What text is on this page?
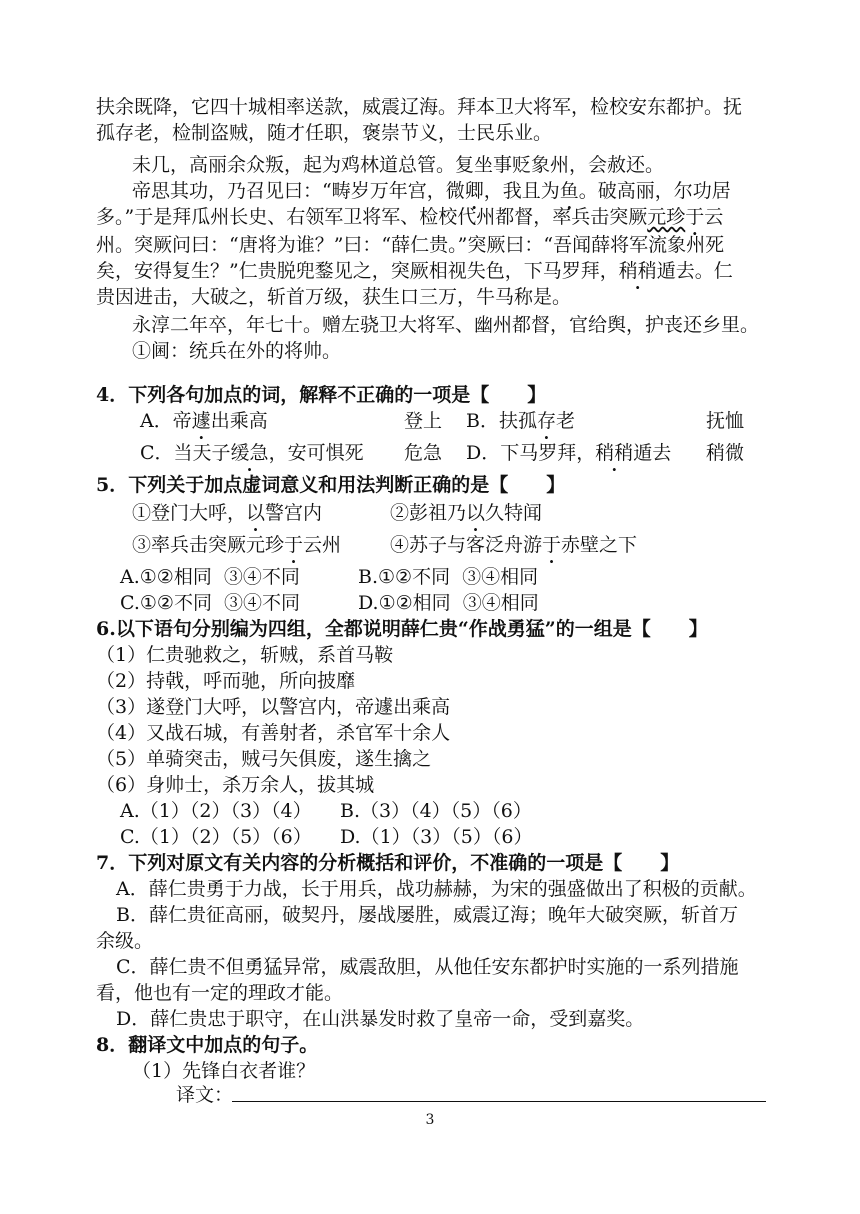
扶余既降，它四十城相率送款，威震辽海。拜本卫大将军，检校安东都护。抚
孤存老，检制盗贼，随才任职，褒崇节义，士民乐业。
未几，高丽余众叛，起为鸡林道总管。复坐事贬象州，会赦还。
帝思其功，乃召见曰：“畴岁万年宫，微卿，我且为鱼。破高丽，尔功居
多。”于是拜瓜州长史、右领军卫将军、检校代州都督，率兵击突厥元珍于云
州。突厥问曰：“唐将为谁？”曰：“薛仁贵。”突厥曰：“吾闻薛将军流象州死
矣，安得复生？”仁贵脱兜鍪见之，突厥相视失色，下马罗拜，稍稍遁去。仁
贵因进击，大破之，斩首万级，获生口三万，牛马称是。
永淳二年卒，年七十。赠左骁卫大将军、幽州都督，官给舆，护丧还乡里。
①阃：统兵在外的将帅。
4．下列各句加点的词，解释不正确的一项是【　　】
A．帝遽出乘高	登上 B．扶孤存老	抚恤
C．当天子缓急，安可惧死 危急 D．下马罗拜，稍稍遁去 稍微
5．下列关于加点虚词意义和用法判断正确的是【　　】
①登门大呼，以警宫内	②彭祖乃以久特闻
③率兵击突厥元珍于云州	④苏子与客泛舟游于赤壁之下
A.①②相同  ③④不同	B.①②不同  ③④相同
C.①②不同  ③④不同	D.①②相同  ③④相同
6.以下语句分别编为四组，全都说明薛仁贵“作战勇猛”的一组是【　　】
（1）仁贵驰救之，斩贼，系首马鞍
（2）持戟，呼而驰，所向披靡
（3）遂登门大呼，以警宫内，帝遽出乘高
（4）又战石城，有善射者，杀官军十余人
（5）单骑突击，贼弓矢俱废，遂生擒之
（6）身帅士，杀万余人，拔其城
A.（1）（2）（3）（4） B.（3）（4）（5）（6）
C.（1）（2）（5）（6） D.（1）（3）（5）（6）
7．下列对原文有关内容的分析概括和评价，不准确的一项是【　　】
A．薛仁贵勇于力战，长于用兵，战功赫赫，为宋的强盛做出了积极的贡献。
B．薛仁贵征高丽，破契丹，屡战屡胜，威震辽海；晚年大破突厥，斩首万
余级。
C．薛仁贵不但勇猛异常，威震敌胆，从他任安东都护时实施的一系列措施
看，他也有一定的理政才能。
D．薛仁贵忠于职守，在山洪暴发时救了皇帝一命，受到嘉奖。
8．翻译文中加点的句子。
（1）先锋白衣者谁？
译文：
3
